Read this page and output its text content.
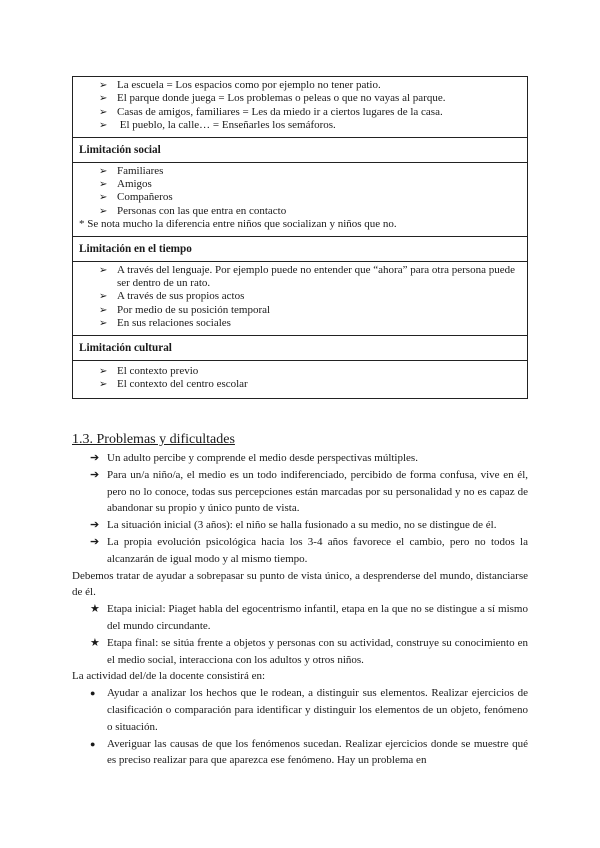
➢ La escuela = Los espacios como por ejemplo no tener patio.
➢ El parque donde juega = Los problemas o peleas o que no vayas al parque.
➢ Casas de amigos, familiares = Les da miedo ir a ciertos lugares de la casa.
➢ El pueblo, la calle… = Enseñarles los semáforos.

Limitación social

➢ Familiares
➢ Amigos
➢ Compañeros
➢ Personas con las que entra en contacto
* Se nota mucho la diferencia entre niños que socializan y niños que no.

Limitación en el tiempo

➢ A través del lenguaje. Por ejemplo puede no entender que “ahora” para otra persona puede ser dentro de un rato.
➢ A través de sus propios actos
➢ Por medio de su posición temporal
➢ En sus relaciones sociales

Limitación cultural

➢ El contexto previo
➢ El contexto del centro escolar
1.3. Problemas y dificultades
➔ Un adulto percibe y comprende el medio desde perspectivas múltiples.
➔ Para un/a niño/a, el medio es un todo indiferenciado, percibido de forma confusa, vive en él, pero no lo conoce, todas sus percepciones están marcadas por su personalidad y no es capaz de abandonar su propio y único punto de vista.
➔ La situación inicial (3 años): el niño se halla fusionado a su medio, no se distingue de él.
➔ La propia evolución psicológica hacia los 3-4 años favorece el cambio, pero no todos la alcanzarán de igual modo y al mismo tiempo.

Debemos tratar de ayudar a sobrepasar su punto de vista único, a desprenderse del mundo, distanciarse de él.

★ Etapa inicial: Piaget habla del egocentrismo infantil, etapa en la que no se distingue a sí mismo del mundo circundante.
★ Etapa final: se sitúa frente a objetos y personas con su actividad, construye su conocimiento en el medio social, interacciona con los adultos y otros niños.

La actividad del/de la docente consistirá en:

● Ayudar a analizar los hechos que le rodean, a distinguir sus elementos. Realizar ejercicios de clasificación o comparación para identificar y distinguir los elementos de un objeto, fenómeno o situación.
● Averiguar las causas de que los fenómenos sucedan. Realizar ejercicios donde se muestre qué es preciso realizar para que aparezca ese fenómeno. Hay un problema en
